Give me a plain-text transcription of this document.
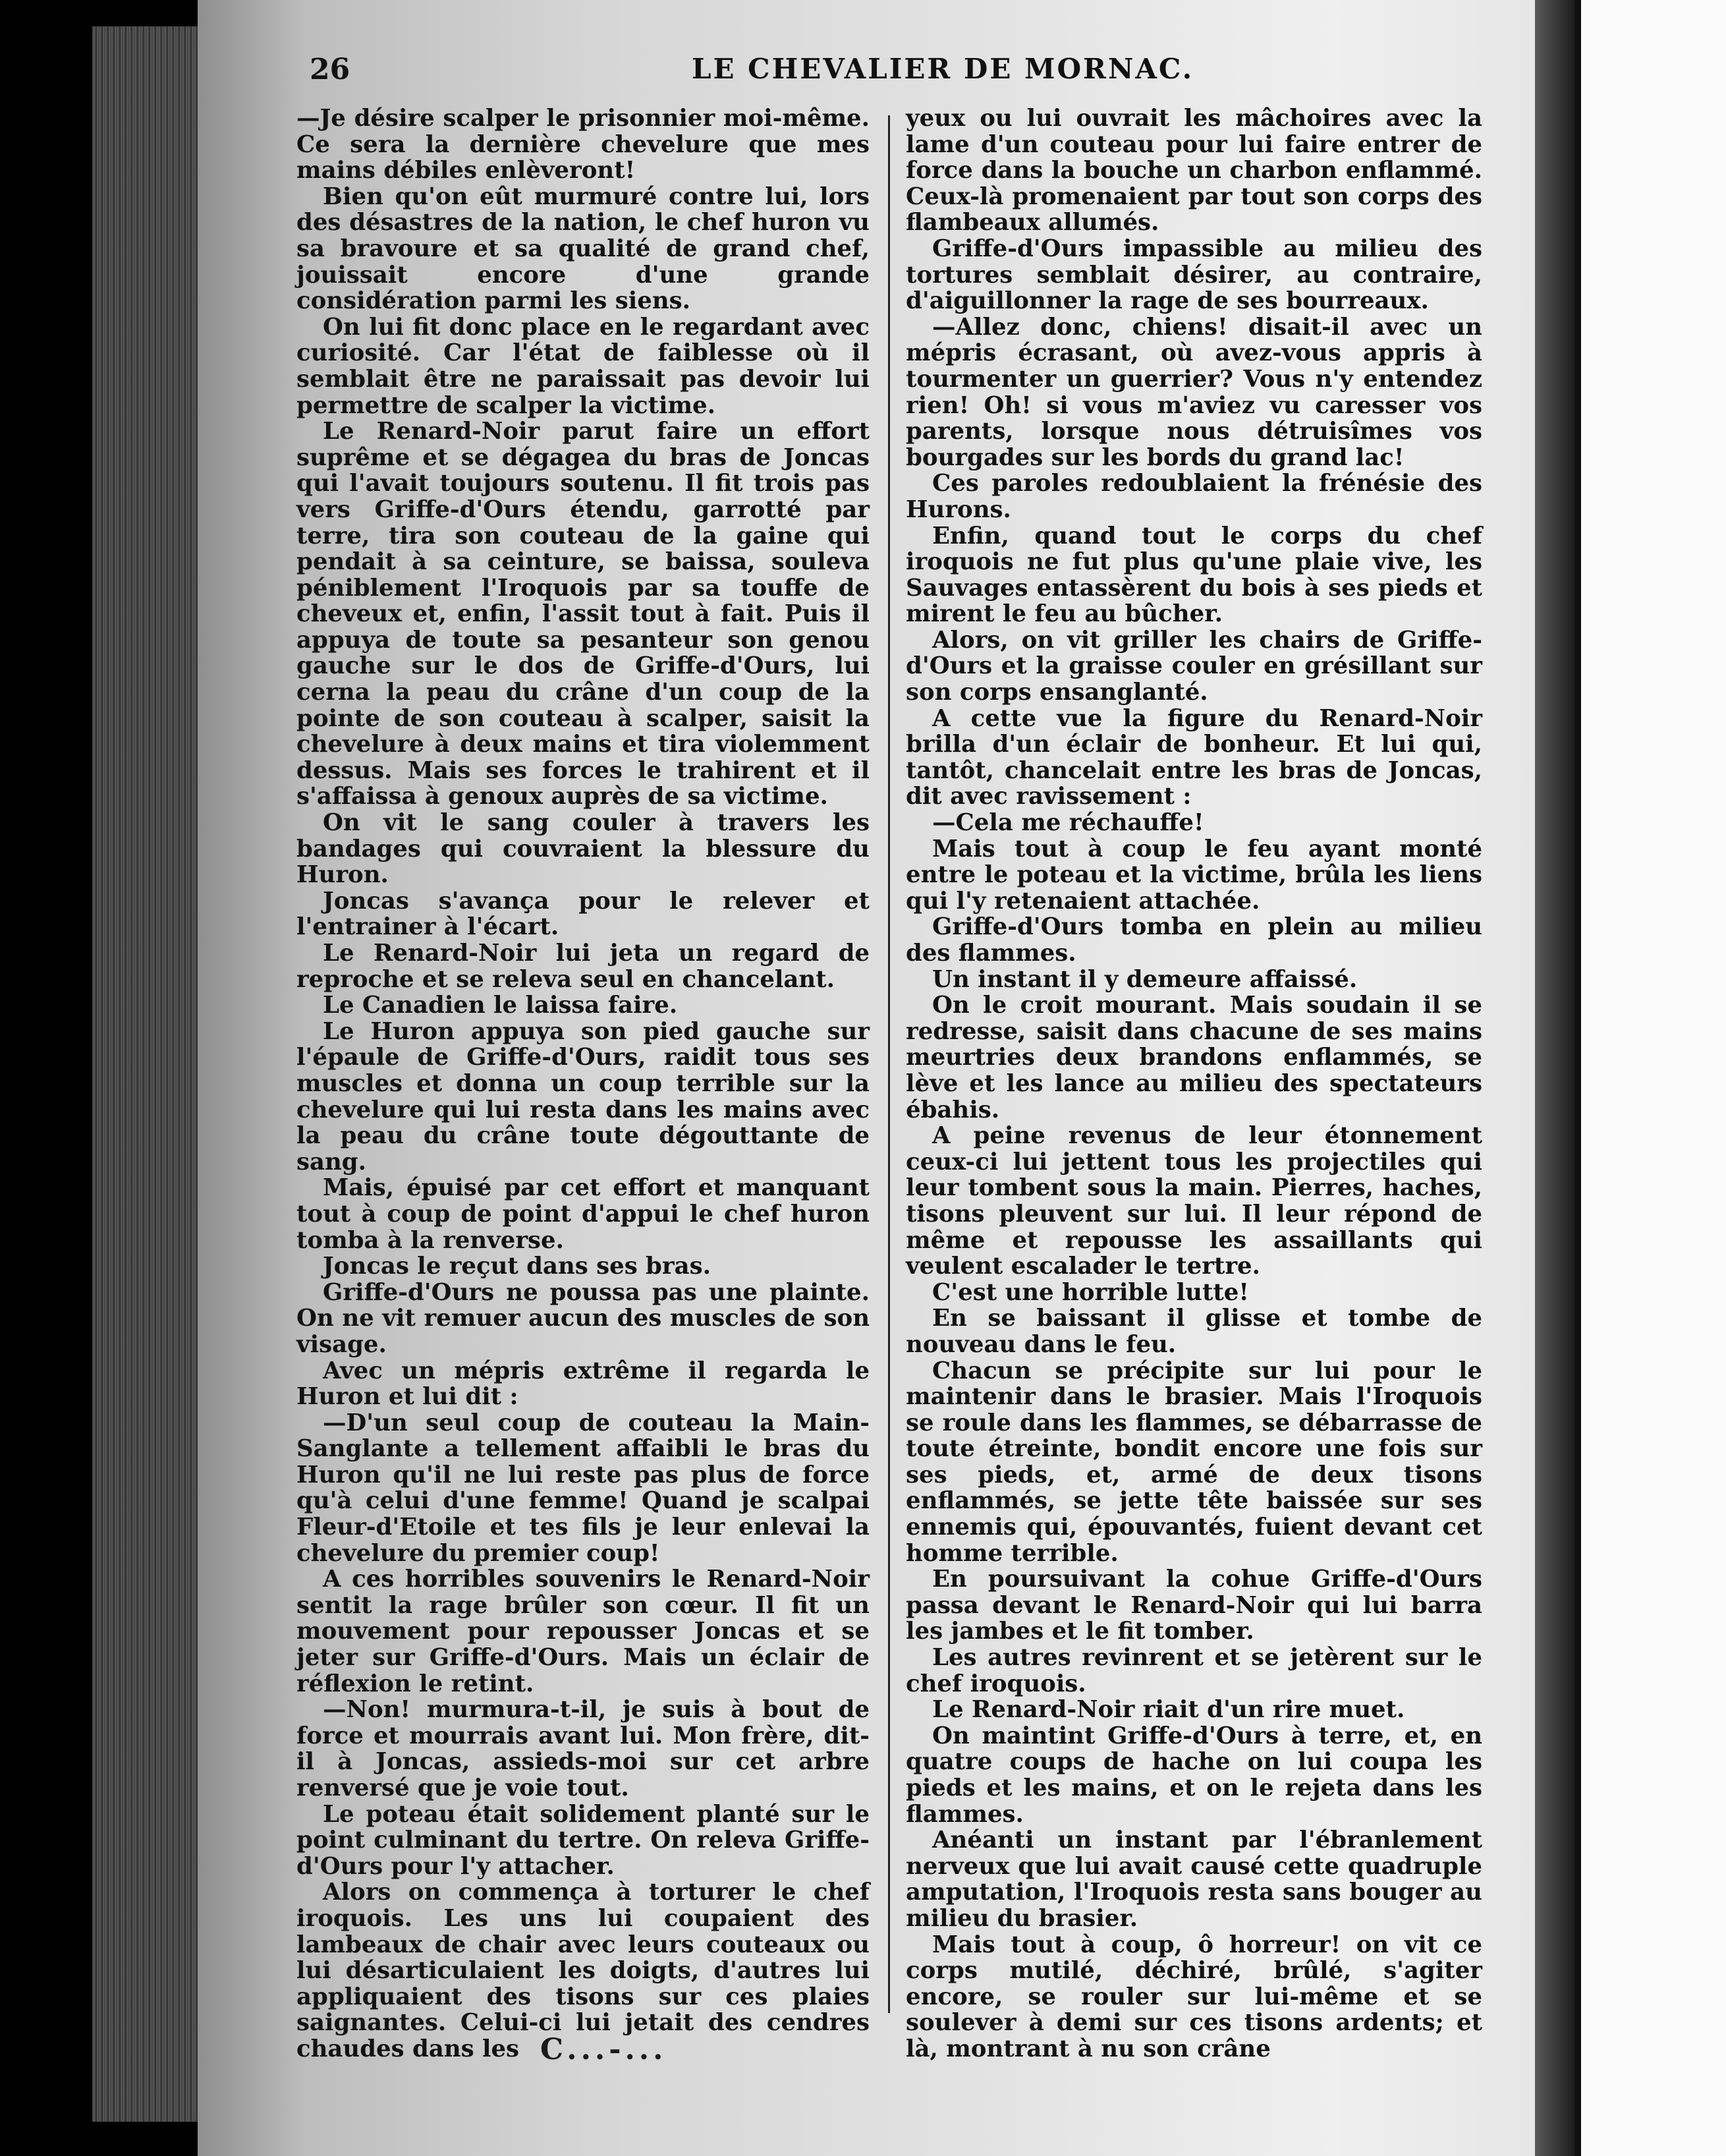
26	LE CHEVALIER DE MORNAC.

—Je désire scalper le prisonnier moi-même. Ce sera la dernière chevelure que mes mains débiles enlèveront!

Bien qu'on eût murmuré contre lui, lors des désastres de la nation, le chef huron vu sa bravoure et sa qualité de grand chef, jouissait encore d'une grande considération parmi les siens.

On lui fit donc place en le regardant avec curiosité. Car l'état de faiblesse où il semblait être ne paraissait pas devoir lui permettre de scalper la victime.

Le Renard-Noir parut faire un effort suprême et se dégagea du bras de Joncas qui l'avait toujours soutenu. Il fit trois pas vers Griffe-d'Ours étendu, garrotté par terre, tira son couteau de la gaine qui pendait à sa ceinture, se baissa, souleva péniblement l'Iroquois par sa touffe de cheveux et, enfin, l'assit tout à fait. Puis il appuya de toute sa pesanteur son genou gauche sur le dos de Griffe-d'Ours, lui cerna la peau du crâne d'un coup de la pointe de son couteau à scalper, saisit la chevelure à deux mains et tira violemment dessus. Mais ses forces le trahirent et il s'affaissa à genoux auprès de sa victime.

On vit le sang couler à travers les bandages qui couvraient la blessure du Huron.

Joncas s'avança pour le relever et l'entrainer à l'écart.

Le Renard-Noir lui jeta un regard de reproche et se releva seul en chancelant.

Le Canadien le laissa faire.

Le Huron appuya son pied gauche sur l'épaule de Griffe-d'Ours, raidit tous ses muscles et donna un coup terrible sur la chevelure qui lui resta dans les mains avec la peau du crâne toute dégouttante de sang.

Mais, épuisé par cet effort et manquant tout à coup de point d'appui le chef huron tomba à la renverse.

Joncas le reçut dans ses bras.

Griffe-d'Ours ne poussa pas une plainte. On ne vit remuer aucun des muscles de son visage.

Avec un mépris extrême il regarda le Huron et lui dit :

—D'un seul coup de couteau la Main-Sanglante a tellement affaibli le bras du Huron qu'il ne lui reste pas plus de force qu'à celui d'une femme! Quand je scalpai Fleur-d'Etoile et tes fils je leur enlevai la chevelure du premier coup!

A ces horribles souvenirs le Renard-Noir sentit la rage brûler son cœur. Il fit un mouvement pour repousser Joncas et se jeter sur Griffe-d'Ours. Mais un éclair de réflexion le retint.

—Non! murmura-t-il, je suis à bout de force et mourrais avant lui. Mon frère, dit-il à Joncas, assieds-moi sur cet arbre renversé que je voie tout.

Le poteau était solidement planté sur le point culminant du tertre. On releva Griffe-d'Ours pour l'y attacher.

Alors on commença à torturer le chef iroquois. Les uns lui coupaient des lambeaux de chair avec leurs couteaux ou lui désarticulaient les doigts, d'autres lui appliquaient des tisons sur ces plaies saignantes. Celui-ci lui jetait des cendres chaudes dans les

yeux ou lui ouvrait les mâchoires avec la lame d'un couteau pour lui faire entrer de force dans la bouche un charbon enflammé. Ceux-là promenaient par tout son corps des flambeaux allumés.

Griffe-d'Ours impassible au milieu des tortures semblait désirer, au contraire, d'aiguillonner la rage de ses bourreaux.

—Allez donc, chiens! disait-il avec un mépris écrasant, où avez-vous appris à tourmenter un guerrier? Vous n'y entendez rien! Oh! si vous m'aviez vu caresser vos parents, lorsque nous détruisîmes vos bourgades sur les bords du grand lac!

Ces paroles redoublaient la frénésie des Hurons.

Enfin, quand tout le corps du chef iroquois ne fut plus qu'une plaie vive, les Sauvages entassèrent du bois à ses pieds et mirent le feu au bûcher.

Alors, on vit griller les chairs de Griffe-d'Ours et la graisse couler en grésillant sur son corps ensanglanté.

A cette vue la figure du Renard-Noir brilla d'un éclair de bonheur. Et lui qui, tantôt, chancelait entre les bras de Joncas, dit avec ravissement :

—Cela me réchauffe!

Mais tout à coup le feu ayant monté entre le poteau et la victime, brûla les liens qui l'y retenaient attachée.

Griffe-d'Ours tomba en plein au milieu des flammes.

Un instant il y demeure affaissé.

On le croit mourant. Mais soudain il se redresse, saisit dans chacune de ses mains meurtries deux brandons enflammés, se lève et les lance au milieu des spectateurs ébahis.

A peine revenus de leur étonnement ceux-ci lui jettent tous les projectiles qui leur tombent sous la main. Pierres, haches, tisons pleuvent sur lui. Il leur répond de même et repousse les assaillants qui veulent escalader le tertre.

C'est une horrible lutte!

En se baissant il glisse et tombe de nouveau dans le feu.

Chacun se précipite sur lui pour le maintenir dans le brasier. Mais l'Iroquois se roule dans les flammes, se débarrasse de toute étreinte, bondit encore une fois sur ses pieds, et, armé de deux tisons enflammés, se jette tête baissée sur ses ennemis qui, épouvantés, fuient devant cet homme terrible.

En poursuivant la cohue Griffe-d'Ours passa devant le Renard-Noir qui lui barra les jambes et le fit tomber.

Les autres revinrent et se jetèrent sur le chef iroquois.

Le Renard-Noir riait d'un rire muet.

On maintint Griffe-d'Ours à terre, et, en quatre coups de hache on lui coupa les pieds et les mains, et on le rejeta dans les flammes.

Anéanti un instant par l'ébranlement nerveux que lui avait causé cette quadruple amputation, l'Iroquois resta sans bouger au milieu du brasier.

Mais tout à coup, ô horreur! on vit ce corps mutilé, déchiré, brûlé, s'agiter encore, se rouler sur lui-même et se soulever à demi sur ces tisons ardents; et là, montrant à nu son crâne

C...-...
